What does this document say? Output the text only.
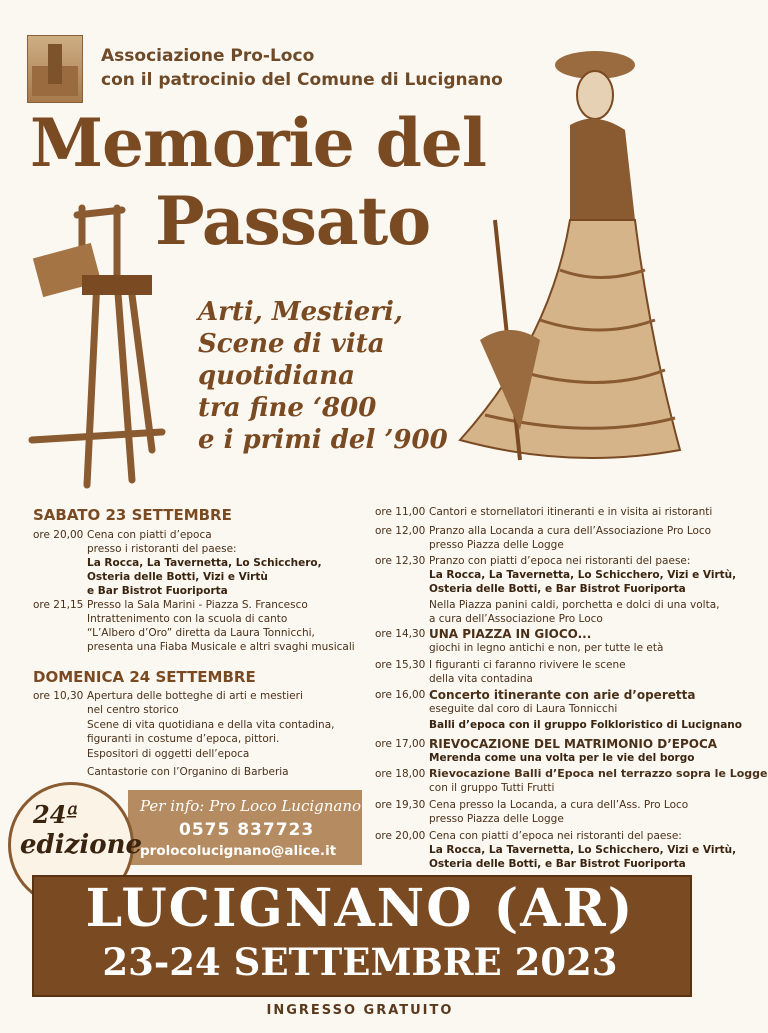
Associazione Pro-Loco
con il patrocinio del Comune di Lucignano
Memorie del
Passato
Arti, Mestieri,
Scene di vita
quotidiana
tra fine ‘800
e i primi del ’900
SABATO 23 SETTEMBRE
ore 20,00 Cena con piatti d’epoca
presso i ristoranti del paese:
La Rocca, La Tavernetta, Lo Schicchero,
Osteria delle Botti, Vizi e Virtù
e Bar Bistrot Fuoriporta
ore 21,15 Presso la Sala Marini - Piazza S. Francesco
Intrattenimento con la scuola di canto
“L’Albero d’Oro” diretta da Laura Tonnicchi,
presenta una Fiaba Musicale e altri svaghi musicali
DOMENICA 24 SETTEMBRE
ore 10,30 Apertura delle botteghe di arti e mestieri
nel centro storico
Scene di vita quotidiana e della vita contadina,
figuranti in costume d’epoca, pittori.
Espositori di oggetti dell’epoca
Cantastorie con l’Organino di Barberia
ore 11,00 Cantori e stornellatori itineranti e in visita ai ristoranti
ore 12,00 Pranzo alla Locanda a cura dell’Associazione Pro Loco
presso Piazza delle Logge
ore 12,30 Pranzo con piatti d’epoca nei ristoranti del paese:
La Rocca, La Tavernetta, Lo Schicchero, Vizi e Virtù,
Osteria delle Botti, e Bar Bistrot Fuoriporta
Nella Piazza panini caldi, porchetta e dolci di una volta,
a cura dell’Associazione Pro Loco
ore 14,30 UNA PIAZZA IN GIOCO...
giochi in legno antichi e non, per tutte le età
ore 15,30 I figuranti ci faranno rivivere le scene
della vita contadina
ore 16,00 Concerto itinerante con arie d’operetta
eseguite dal coro di Laura Tonnicchi
Balli d’epoca con il gruppo Folkloristico di Lucignano
ore 17,00 RIEVOCAZIONE DEL MATRIMONIO D’EPOCA
Merenda come una volta per le vie del borgo
ore 18,00 Rievocazione Balli d’Epoca nel terrazzo sopra le Logge
con il gruppo Tutti Frutti
ore 19,30 Cena presso la Locanda, a cura dell’Ass. Pro Loco
presso Piazza delle Logge
ore 20,00 Cena con piatti d’epoca nei ristoranti del paese:
La Rocca, La Tavernetta, Lo Schicchero, Vizi e Virtù,
Osteria delle Botti, e Bar Bistrot Fuoriporta
Per info: Pro Loco Lucignano
0575 837723
prolocolucignano@alice.it
24ª
edizione
LUCIGNANO (AR)
23-24 SETTEMBRE 2023
INGRESSO GRATUITO
